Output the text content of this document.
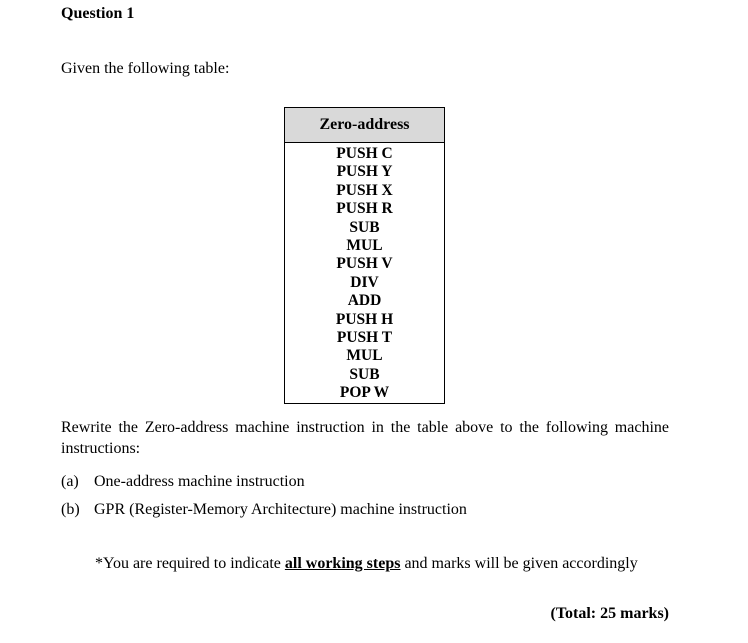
Question 1
Given the following table:
Zero-address
PUSH C
PUSH Y
PUSH X
PUSH R
SUB
MUL
PUSH V
DIV
ADD
PUSH H
PUSH T
MUL
SUB
POP W

Rewrite the Zero-address machine instruction in the table above to the following machine instructions:

(a) One-address machine instruction
(b) GPR (Register-Memory Architecture) machine instruction
*You are required to indicate all working steps and marks will be given accordingly
(Total: 25 marks)
